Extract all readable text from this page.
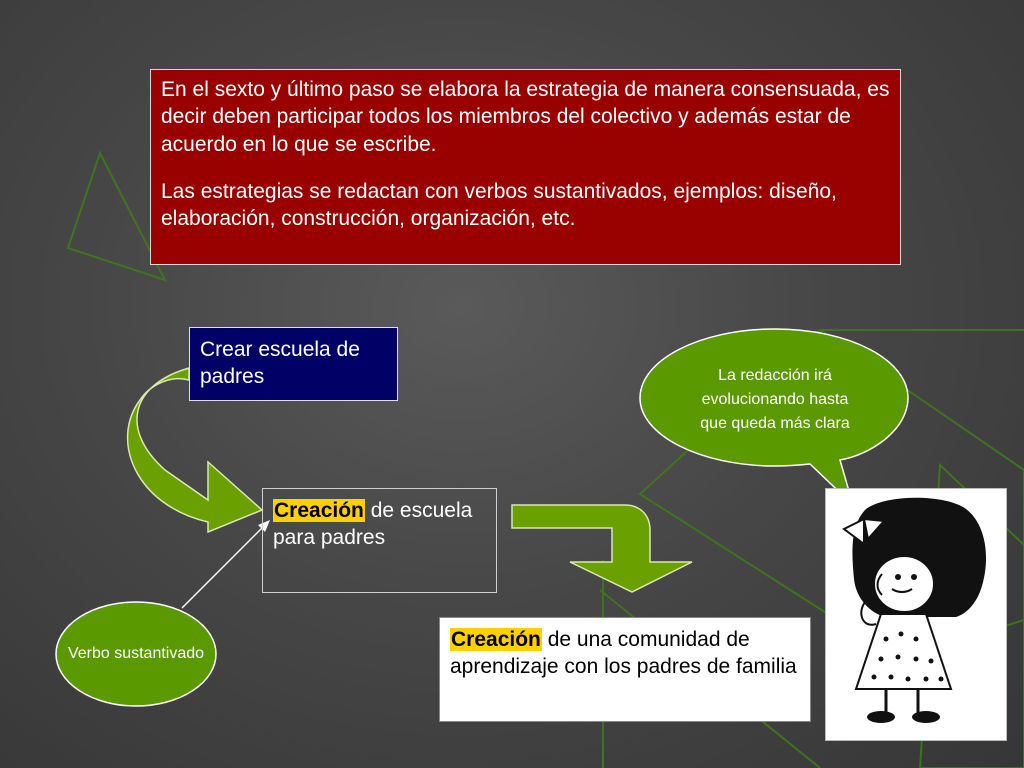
En el sexto y último paso se elabora la estrategia de manera consensuada, es decir deben participar todos los miembros del colectivo y además estar de acuerdo en lo que se escribe.

Las estrategias se redactan con verbos sustantivados, ejemplos: diseño, elaboración, construcción, organización, etc.

Crear escuela de padres
Creación de escuela para padres
Creación de una comunidad de aprendizaje con los padres de familia
La redacción irá evolucionando hasta que queda más clara
Verbo sustantivado
